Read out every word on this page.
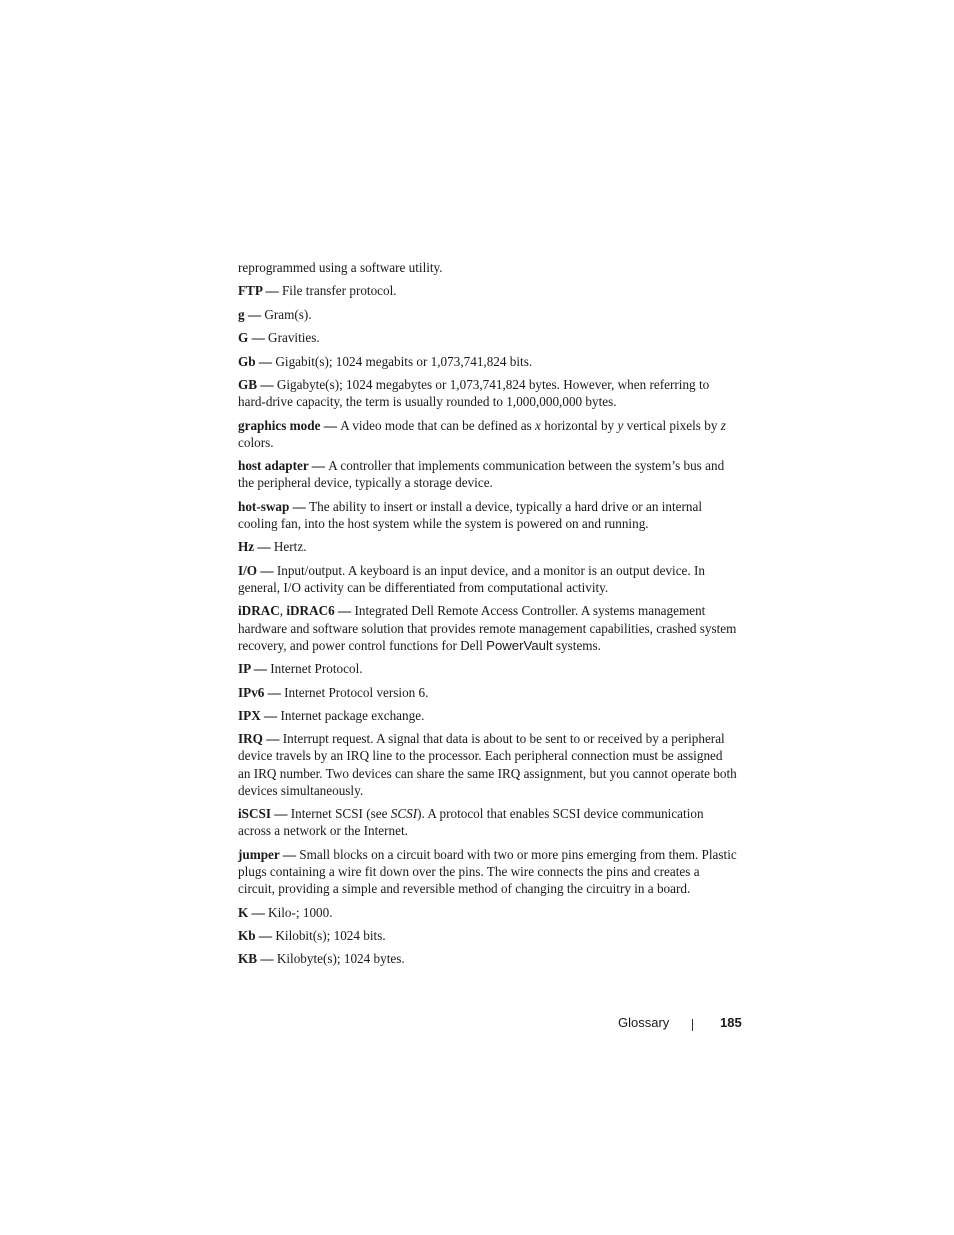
reprogrammed using a software utility.

FTP — File transfer protocol.

g — Gram(s).

G — Gravities.

Gb — Gigabit(s); 1024 megabits or 1,073,741,824 bits.

GB — Gigabyte(s); 1024 megabytes or 1,073,741,824 bytes. However, when referring to hard-drive capacity, the term is usually rounded to 1,000,000,000 bytes.

graphics mode — A video mode that can be defined as x horizontal by y vertical pixels by z colors.

host adapter — A controller that implements communication between the system’s bus and the peripheral device, typically a storage device.

hot-swap — The ability to insert or install a device, typically a hard drive or an internal cooling fan, into the host system while the system is powered on and running.

Hz — Hertz.

I/O — Input/output. A keyboard is an input device, and a monitor is an output device. In general, I/O activity can be differentiated from computational activity.

iDRAC, iDRAC6 — Integrated Dell Remote Access Controller. A systems management hardware and software solution that provides remote management capabilities, crashed system recovery, and power control functions for Dell PowerVault systems.

IP — Internet Protocol.

IPv6 — Internet Protocol version 6.

IPX — Internet package exchange.

IRQ — Interrupt request. A signal that data is about to be sent to or received by a peripheral device travels by an IRQ line to the processor. Each peripheral connection must be assigned an IRQ number. Two devices can share the same IRQ assignment, but you cannot operate both devices simultaneously.

iSCSI — Internet SCSI (see SCSI). A protocol that enables SCSI device communication across a network or the Internet.

jumper — Small blocks on a circuit board with two or more pins emerging from them. Plastic plugs containing a wire fit down over the pins. The wire connects the pins and creates a circuit, providing a simple and reversible method of changing the circuitry in a board.

K — Kilo-; 1000.

Kb — Kilobit(s); 1024 bits.

KB — Kilobyte(s); 1024 bytes.

Glossary	185
